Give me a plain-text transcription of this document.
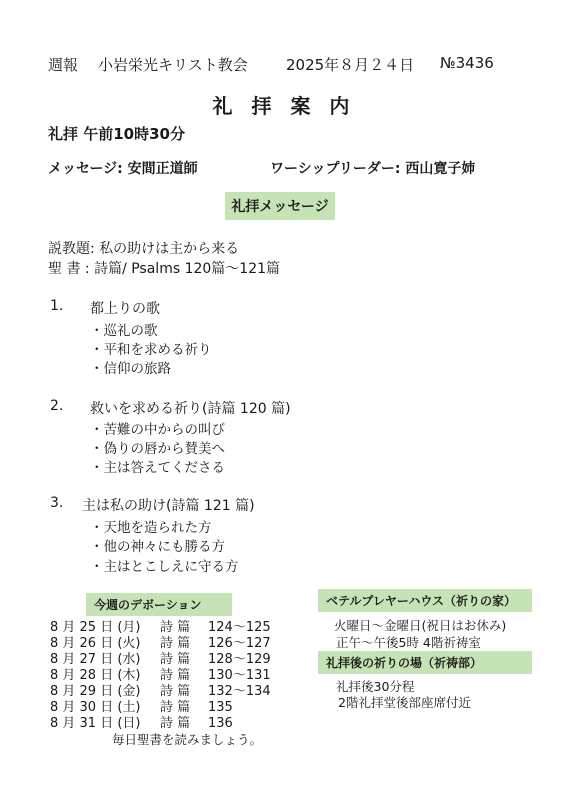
週報 小岩栄光キリスト教会	2025年８月２４日 №3436
礼 拝 案 内
礼拝 午前10時30分
メッセージ: 安間正道師	ワーシップリーダー: 西山寛子姉
礼拝メッセージ
説教題: 私の助けは主から来る
聖 書 : 詩篇/ Psalms 120篇〜121篇
1. 都上りの歌
・巡礼の歌
・平和を求める祈り
・信仰の旅路
2. 救いを求める祈り(詩篇 120 篇)
・苦難の中からの叫び
・偽りの唇から賛美へ
・主は答えてくださる
3. 主は私の助け(詩篇 121 篇)
・天地を造られた方
・他の神々にも勝る方
・主はとこしえに守る方
今週のデボーション
8 月 25 日 (月) 詩 篇 124〜125
8 月 26 日 (火) 詩 篇 126〜127
8 月 27 日 (水) 詩 篇 128〜129
8 月 28 日 (木) 詩 篇 130〜131
8 月 29 日 (金) 詩 篇 132〜134
8 月 30 日 (土) 詩 篇 135
8 月 31 日 (日) 詩 篇 136
毎日聖書を読みましょう。
ベテルプレヤーハウス（祈りの家）
火曜日〜金曜日(祝日はお休み)
正午〜午後5時 4階祈祷室
礼拝後の祈りの場（祈祷部）
礼拝後30分程
2階礼拝堂後部座席付近
